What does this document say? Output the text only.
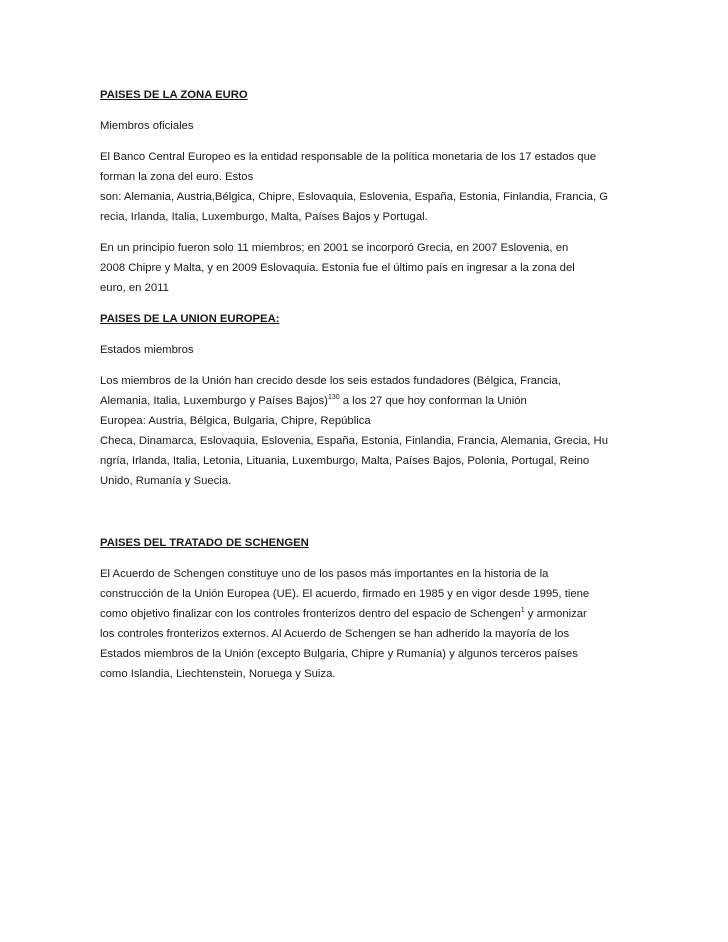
PAISES DE LA ZONA EURO
Miembros oficiales
El Banco Central Europeo es la entidad responsable de la política monetaria de los 17 estados que
forman la zona del euro. Estos
son: Alemania, Austria,Bélgica, Chipre, Eslovaquia, Eslovenia, España, Estonia, Finlandia, Francia, G
recia, Irlanda, Italia, Luxemburgo, Malta, Países Bajos y Portugal.
En un principio fueron solo 11 miembros; en 2001 se incorporó Grecia, en 2007 Eslovenia, en
2008 Chipre y Malta, y en 2009 Eslovaquia. Estonia fue el último país en ingresar a la zona del
euro, en 2011
PAISES DE LA UNION EUROPEA:
Estados miembros
Los miembros de la Unión han crecido desde los seis estados fundadores (Bélgica, Francia,
Alemania, Italia, Luxemburgo y Países Bajos)$^{130}$ a los 27 que hoy conforman la Unión
Europea: Austria, Bélgica, Bulgaria, Chipre, República
Checa, Dinamarca, Eslovaquia, Eslovenia, España, Estonia, Finlandia, Francia, Alemania, Grecia, Hu
ngría, Irlanda, Italia, Letonia, Lituania, Luxemburgo, Malta, Países Bajos, Polonia, Portugal, Reino
Unido, Rumanía y Suecia.
PAISES DEL TRATADO DE SCHENGEN
El Acuerdo de Schengen constituye uno de los pasos más importantes en la historia de la
construcción de la Unión Europea (UE). El acuerdo, firmado en 1985 y en vigor desde 1995, tiene
como objetivo finalizar con los controles fronterizos dentro del espacio de Schengen$^1$ y armonizar
los controles fronterizos externos. Al Acuerdo de Schengen se han adherido la mayoría de los
Estados miembros de la Unión (excepto Bulgaria, Chipre y Rumanía) y algunos terceros países
como Islandia, Liechtenstein, Noruega y Suiza.
